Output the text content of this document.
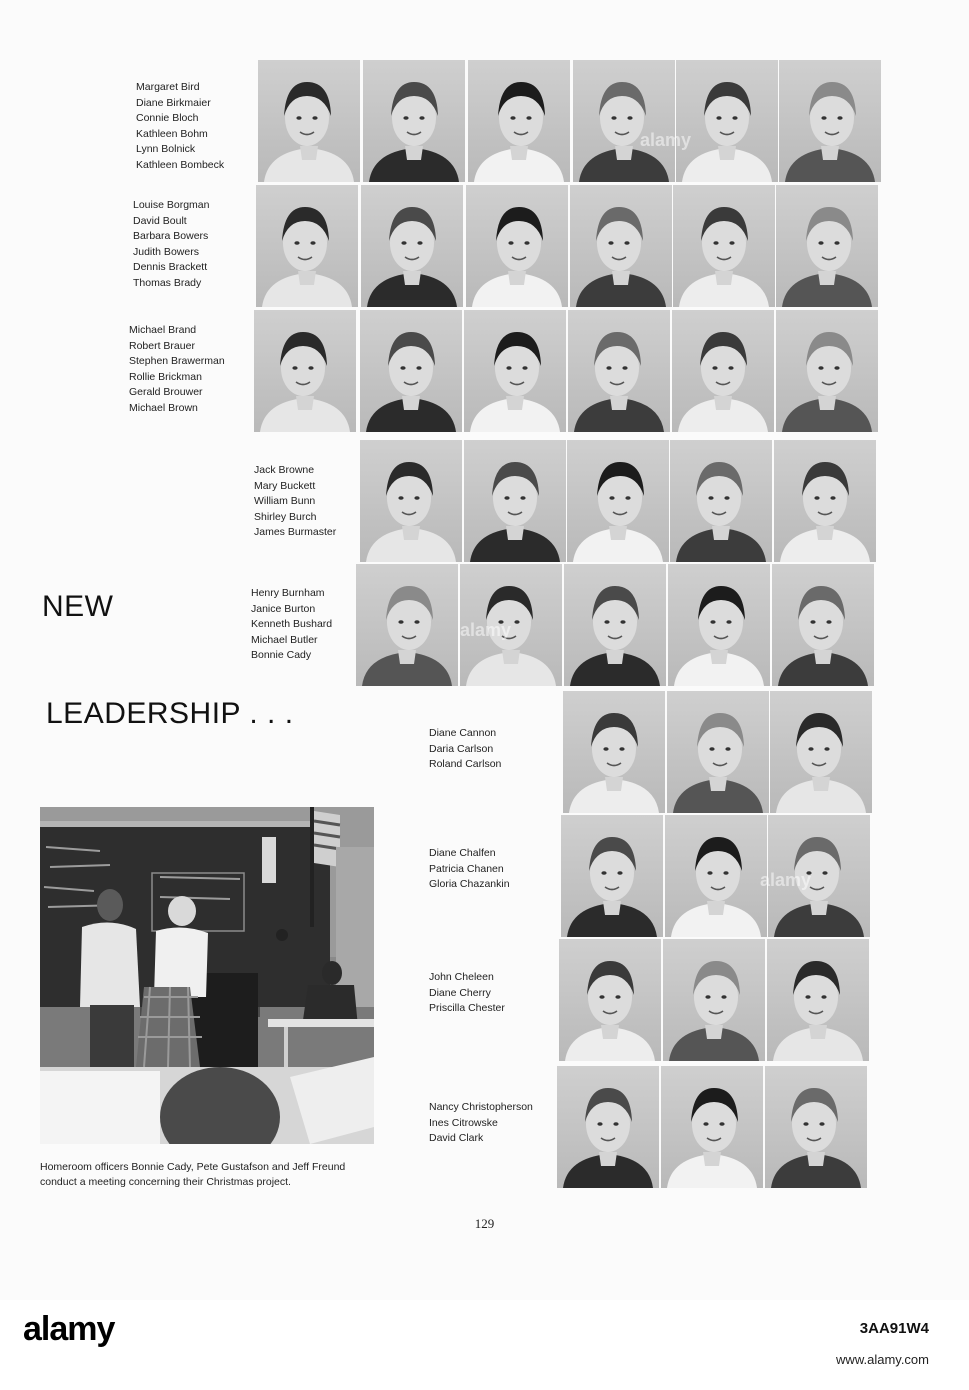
Margaret Bird
Diane Birkmaier
Connie Bloch
Kathleen Bohm
Lynn Bolnick
Kathleen Bombeck
Louise Borgman
David Boult
Barbara Bowers
Judith Bowers
Dennis Brackett
Thomas Brady
Michael Brand
Robert Brauer
Stephen Brawerman
Rollie Brickman
Gerald Brouwer
Michael Brown
Jack Browne
Mary Buckett
William Bunn
Shirley Burch
James Burmaster
NEW	Henry Burnham
Janice Burton
Kenneth Bushard
Michael Butler
Bonnie Cady
LEADERSHIP . . .
Diane Cannon
Daria Carlson
Roland Carlson
Diane Chalfen
Patricia Chanen
Gloria Chazankin
John Cheleen
Diane Cherry
Priscilla Chester
Nancy Christopherson
Ines Citrowske
David Clark

Homeroom officers Bonnie Cady, Pete Gustafson and Jeff Freund conduct a meeting concerning their Christmas project.

129
alamy
alamy
alamy
alamy	3AA91W4
www.alamy.com
